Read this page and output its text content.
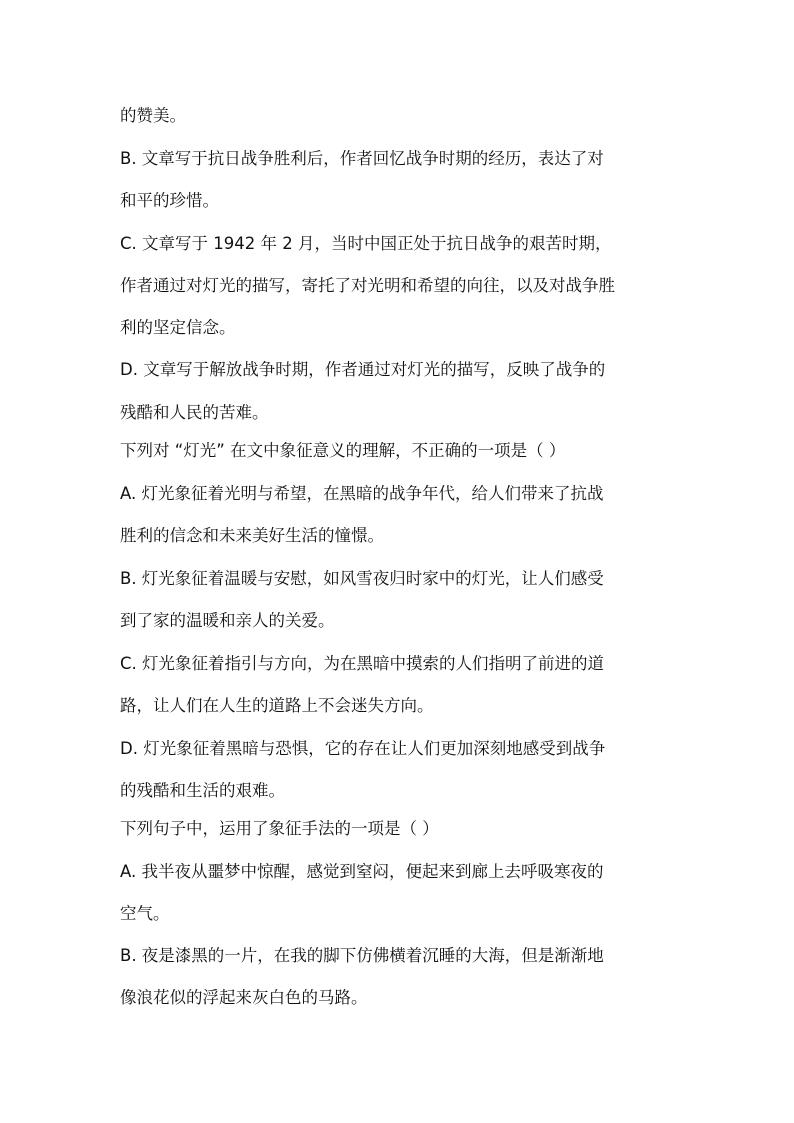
的赞美。

B. 文章写于抗日战争胜利后，作者回忆战争时期的经历，表达了对

和平的珍惜。

C. 文章写于 1942 年 2 月，当时中国正处于抗日战争的艰苦时期，

作者通过对灯光的描写，寄托了对光明和希望的向往，以及对战争胜

利的坚定信念。

D. 文章写于解放战争时期，作者通过对灯光的描写，反映了战争的

残酷和人民的苦难。

下列对 “灯光” 在文中象征意义的理解，不正确的一项是（ ）

A. 灯光象征着光明与希望，在黑暗的战争年代，给人们带来了抗战

胜利的信念和未来美好生活的憧憬。

B. 灯光象征着温暖与安慰，如风雪夜归时家中的灯光，让人们感受

到了家的温暖和亲人的关爱。

C. 灯光象征着指引与方向，为在黑暗中摸索的人们指明了前进的道

路，让人们在人生的道路上不会迷失方向。

D. 灯光象征着黑暗与恐惧，它的存在让人们更加深刻地感受到战争

的残酷和生活的艰难。

下列句子中，运用了象征手法的一项是（ ）

A. 我半夜从噩梦中惊醒，感觉到窒闷，便起来到廊上去呼吸寒夜的

空气。

B. 夜是漆黑的一片，在我的脚下仿佛横着沉睡的大海，但是渐渐地

像浪花似的浮起来灰白色的马路。
